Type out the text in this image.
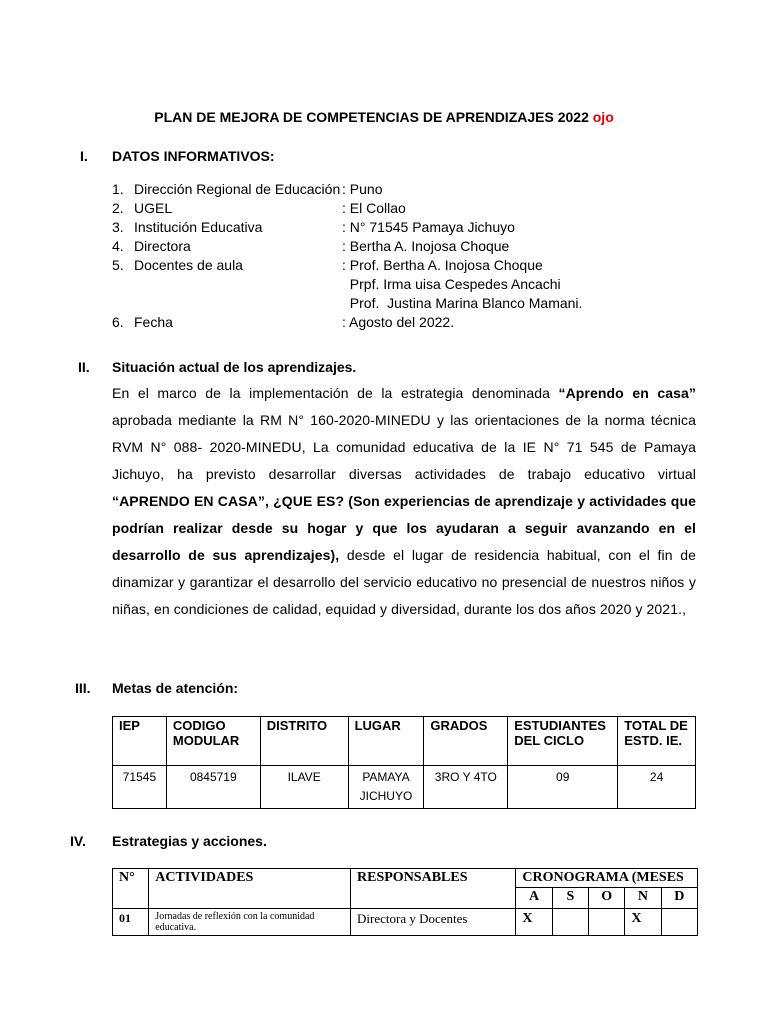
PLAN DE MEJORA DE COMPETENCIAS DE APRENDIZAJES 2022 ojo
I. DATOS INFORMATIVOS:
1. Dirección Regional de Educación : Puno
2. UGEL	: El Collao
3. Institución Educativa	: N° 71545 Pamaya Jichuyo
4. Directora	: Bertha A. Inojosa Choque
5. Docentes de aula	: Prof. Bertha A. Inojosa Choque
Prpf. Irma uisa Cespedes Ancachi
Prof.  Justina Marina Blanco Mamani.
6. Fecha	: Agosto del 2022.
II. Situación actual de los aprendizajes.
En el marco de la implementación de la estrategia denominada “Aprendo en casa” aprobada mediante la RM N° 160-2020-MINEDU y las orientaciones de la norma técnica RVM N° 088- 2020-MINEDU, La comunidad educativa de la IE N° 71 545 de Pamaya Jichuyo, ha previsto desarrollar diversas actividades de trabajo educativo virtual “APRENDO EN CASA”, ¿QUE ES? (Son experiencias de aprendizaje y actividades que podrían realizar desde su hogar y que los ayudaran a seguir avanzando en el desarrollo de sus aprendizajes), desde el lugar de residencia habitual, con el fin de dinamizar y garantizar el desarrollo del servicio educativo no presencial de nuestros niños y niñas, en condiciones de calidad, equidad y diversidad, durante los dos años 2020 y 2021.,
III. Metas de atención:
IEP	CODIGO MODULAR	DISTRITO	LUGAR	GRADOS	ESTUDIANTES DEL CICLO	TOTAL DE ESTD. IE.
71545	0845719	ILAVE	PAMAYA JICHUYO	3RO Y 4TO	09	24
IV. Estrategias y acciones.
N°	ACTIVIDADES	RESPONSABLES	CRONOGRAMA (MESES				
			A	S	O	N	D
01	Jornadas de reflexión con la comunidad educativa.	Directora y Docentes	X			X	
